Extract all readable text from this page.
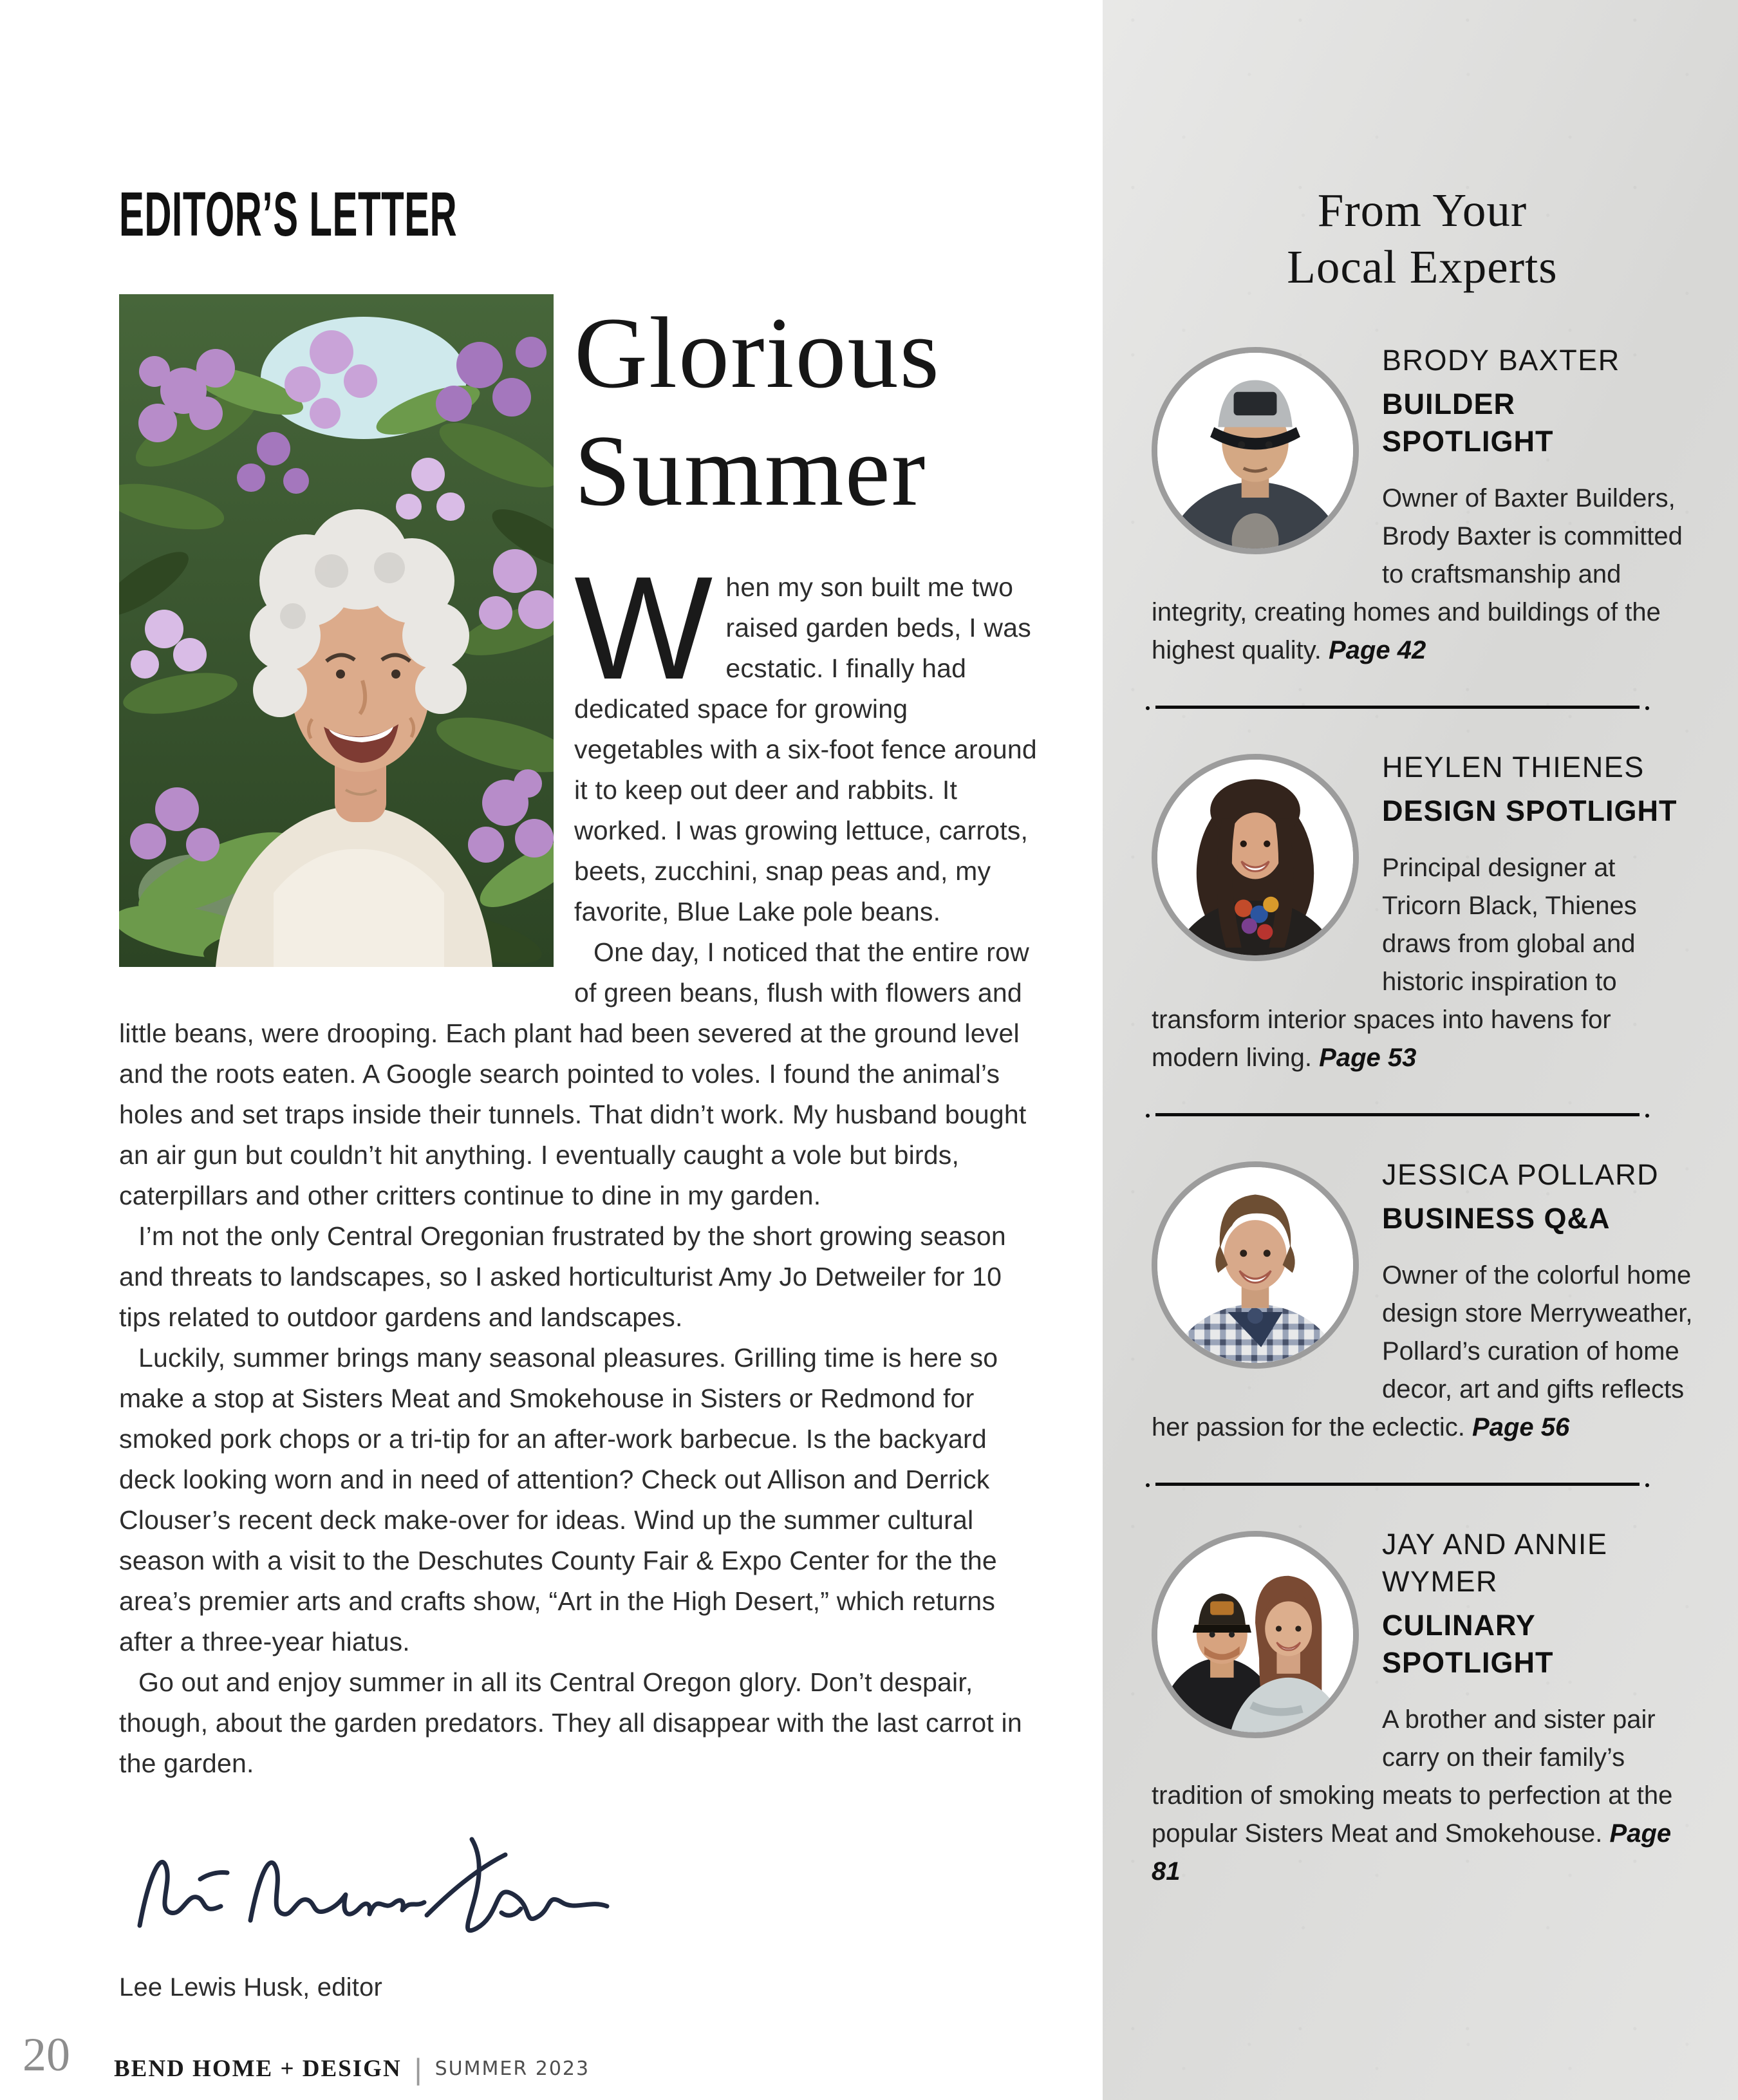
EDITOR’S LETTER
Glorious
Summer

When my son built me two raised garden beds, I was ecstatic. I finally had dedicated space for growing vegetables with a six-foot fence around it to keep out deer and rabbits. It worked. I was growing lettuce, carrots, beets, zucchini, snap peas and, my favorite, Blue Lake pole beans.

One day, I noticed that the entire row of green beans, flush with flowers and little beans, were drooping. Each plant had been severed at the ground level and the roots eaten. A Google search pointed to voles. I found the animal’s holes and set traps inside their tunnels. That didn’t work. My husband bought an air gun but couldn’t hit anything. I eventually caught a vole but birds, caterpillars and other critters continue to dine in my garden.

I’m not the only Central Oregonian frustrated by the short growing season and threats to landscapes, so I asked horticulturist Amy Jo Detweiler for 10 tips related to outdoor gardens and landscapes.

Luckily, summer brings many seasonal pleasures. Grilling time is here so make a stop at Sisters Meat and Smokehouse in Sisters or Redmond for smoked pork chops or a tri-tip for an after-work barbecue. Is the backyard deck looking worn and in need of attention? Check out Allison and Derrick Clouser’s recent deck make-over for ideas. Wind up the summer cultural season with a visit to the Deschutes County Fair & Expo Center for the the area’s premier arts and crafts show, “Art in the High Desert,” which returns after a three-year hiatus.

Go out and enjoy summer in all its Central Oregon glory. Don’t despair, though, about the garden predators. They all disappear with the last carrot in the garden.

Lee Lewis Husk, editor

20 BEND HOME + DESIGN | SUMMER 2023
From Your
Local Experts
BRODY BAXTER
BUILDER SPOTLIGHT

Owner of Baxter Builders, Brody Baxter is committed to craftsmanship and integrity, creating homes and buildings of the highest quality. Page 42

HEYLEN THIENES
DESIGN SPOTLIGHT

Principal designer at Tricorn Black, Thienes draws from global and historic inspiration to transform interior spaces into havens for modern living. Page 53

JESSICA POLLARD
BUSINESS Q&A

Owner of the colorful home design store Merryweather, Pollard’s curation of home decor, art and gifts reflects her passion for the eclectic. Page 56

JAY AND ANNIE WYMER
CULINARY SPOTLIGHT

A brother and sister pair carry on their family’s tradition of smoking meats to perfection at the popular Sisters Meat and Smokehouse. Page 81
